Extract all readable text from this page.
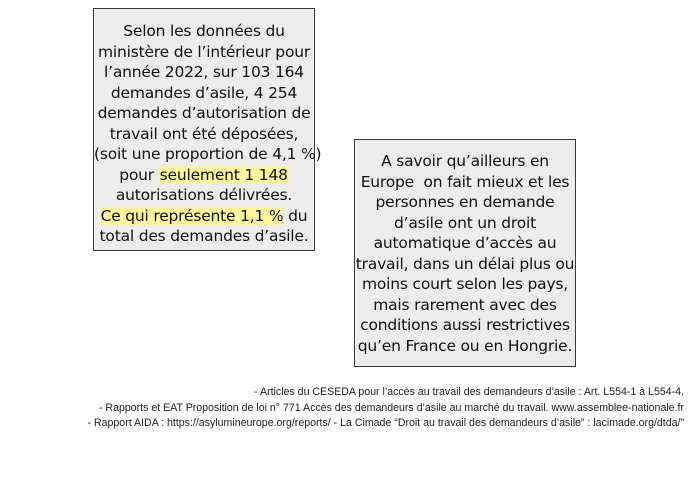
Selon les données du
ministère de l’intérieur pour
l’année 2022, sur 103 164
demandes d’asile, 4 254
demandes d’autorisation de
travail ont été déposées,
(soit une proportion de 4,1 %)
pour seulement 1 148
autorisations délivrées.
Ce qui représente 1,1 % du
total des demandes d’asile.
A savoir qu’ailleurs en
Europe  on fait mieux et les
personnes en demande
d’asile ont un droit
automatique d’accès au
travail, dans un délai plus ou
moins court selon les pays,
mais rarement avec des
conditions aussi restrictives
qu’en France ou en Hongrie.
- Articles du CESEDA pour l’accès au travail des demandeurs d’asile : Art. L554-1 à L554-4.
- Rapports et EAT Proposition de loi n° 771 Accès des demandeurs d’asile au marché du travail. www.assemblee-nationale.fr
- Rapport AIDA : https://asylumineurope.org/reports/ - La Cimade “Droit au travail des demandeurs d’asile” : lacimade.org/dtda/”
